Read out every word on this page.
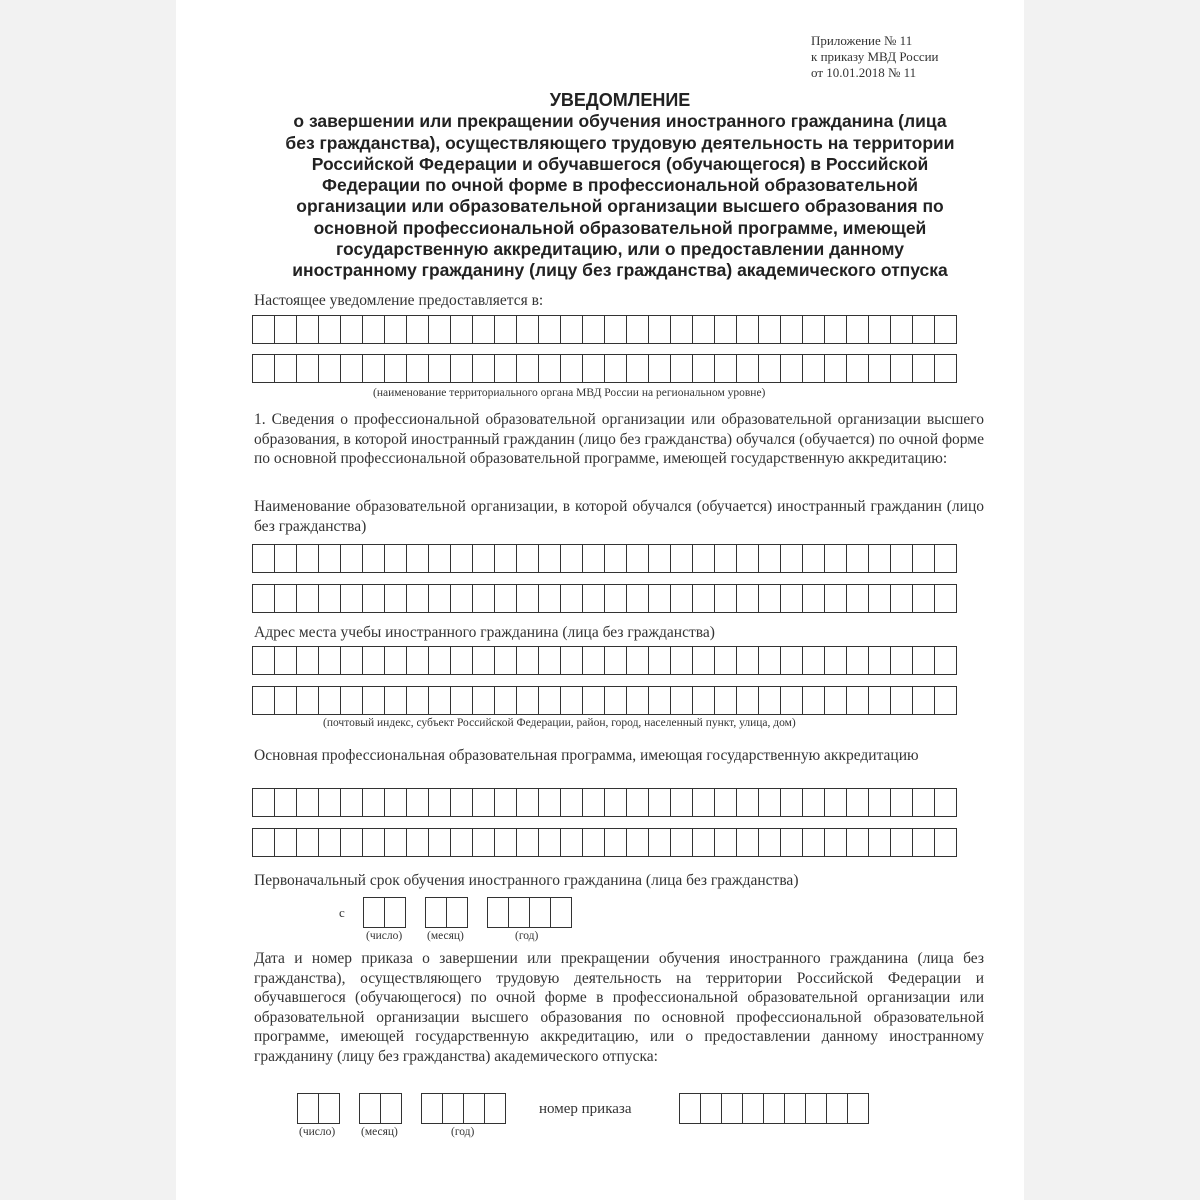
Приложение № 11
к приказу МВД России
от 10.01.2018 № 11
УВЕДОМЛЕНИЕ
о завершении или прекращении обучения иностранного гражданина (лица
без гражданства), осуществляющего трудовую деятельность на территории
Российской Федерации и обучавшегося (обучающегося) в Российской
Федерации по очной форме в профессиональной образовательной
организации или образовательной организации высшего образования по
основной профессиональной образовательной программе, имеющей
государственную аккредитацию, или о предоставлении данному
иностранному гражданину (лицу без гражданства) академического отпуска
Настоящее уведомление предоставляется в:
(наименование территориального органа МВД России на региональном уровне)
1. Сведения о профессиональной образовательной организации или образовательной организации высшего образования, в которой иностранный гражданин (лицо без гражданства) обучался (обучается) по очной форме по основной профессиональной образовательной программе, имеющей государственную аккредитацию:
Наименование образовательной организации, в которой обучался (обучается) иностранный гражданин (лицо без гражданства)
Адрес места учебы иностранного гражданина (лица без гражданства)
(почтовый индекс, субъект Российской Федерации, район, город, населенный пункт, улица, дом)
Основная профессиональная образовательная программа, имеющая государственную аккредитацию
Первоначальный срок обучения иностранного гражданина (лица без гражданства)
с
(число) (месяц)	(год)
Дата и номер приказа о завершении или прекращении обучения иностранного гражданина (лица без гражданства), осуществляющего трудовую деятельность на территории Российской Федерации и обучавшегося (обучающегося) по очной форме в профессиональной образовательной организации или образовательной организации высшего образования по основной профессиональной образовательной программе, имеющей государственную аккредитацию, или о предоставлении данному иностранному гражданину (лицу без гражданства) академического отпуска:
номер приказа
(число) (месяц)	(год)
